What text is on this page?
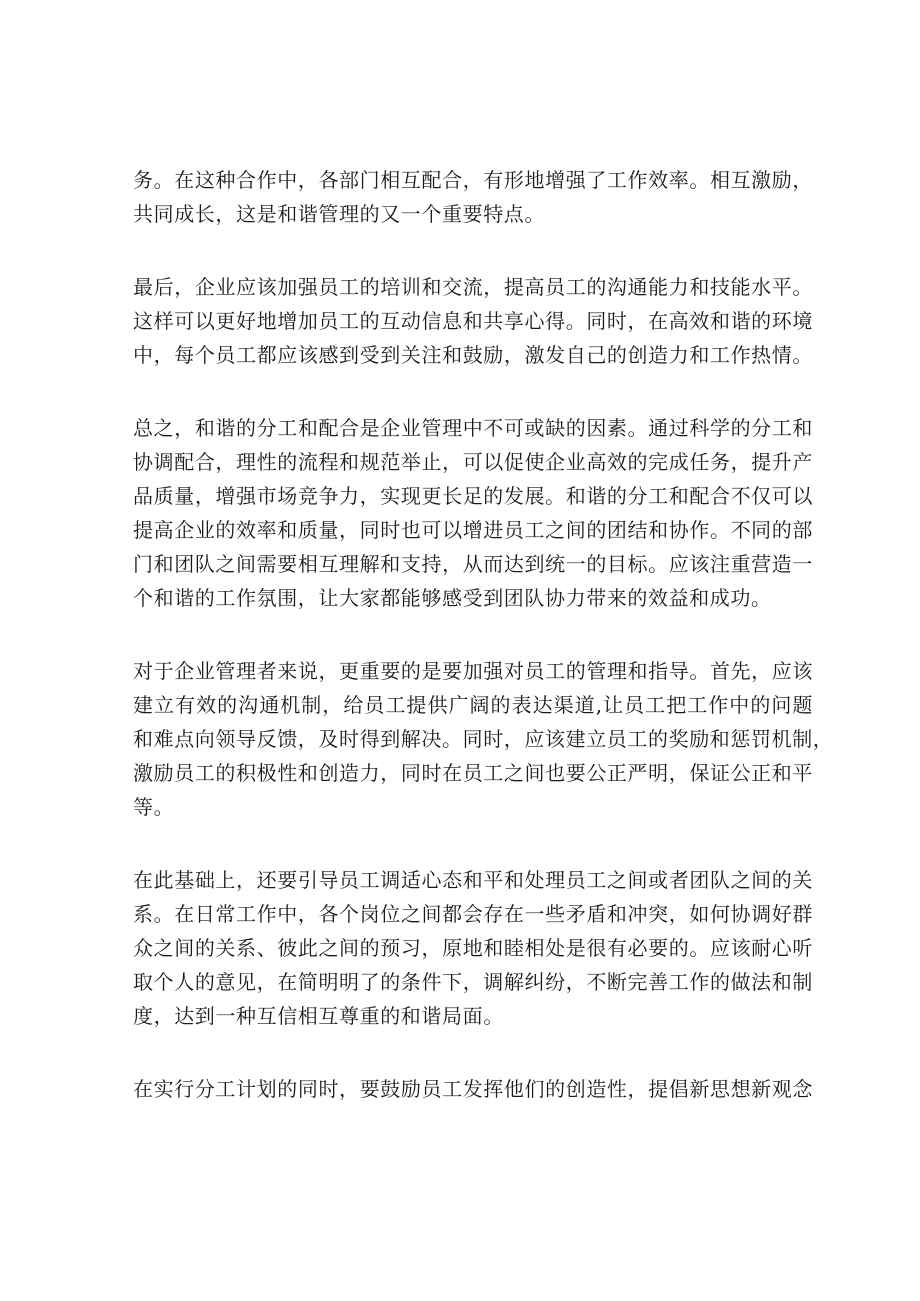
务。在这种合作中，各部门相互配合，有形地增强了工作效率。相互激励，
共同成长，这是和谐管理的又一个重要特点。
最后，企业应该加强员工的培训和交流，提高员工的沟通能力和技能水平。
这样可以更好地增加员工的互动信息和共享心得。同时，在高效和谐的环境
中，每个员工都应该感到受到关注和鼓励，激发自己的创造力和工作热情。
总之，和谐的分工和配合是企业管理中不可或缺的因素。通过科学的分工和
协调配合，理性的流程和规范举止，可以促使企业高效的完成任务，提升产
品质量，增强市场竞争力，实现更长足的发展。和谐的分工和配合不仅可以
提高企业的效率和质量，同时也可以增进员工之间的团结和协作。不同的部
门和团队之间需要相互理解和支持，从而达到统一的目标。应该注重营造一
个和谐的工作氛围，让大家都能够感受到团队协力带来的效益和成功。
对于企业管理者来说，更重要的是要加强对员工的管理和指导。首先，应该
建立有效的沟通机制，给员工提供广阔的表达渠道,让员工把工作中的问题
和难点向领导反馈，及时得到解决。同时，应该建立员工的奖励和惩罚机制，
激励员工的积极性和创造力，同时在员工之间也要公正严明，保证公正和平
等。
在此基础上，还要引导员工调适心态和平和处理员工之间或者团队之间的关
系。在日常工作中，各个岗位之间都会存在一些矛盾和冲突，如何协调好群
众之间的关系、彼此之间的预习，原地和睦相处是很有必要的。应该耐心听
取个人的意见，在简明明了的条件下，调解纠纷，不断完善工作的做法和制
度，达到一种互信相互尊重的和谐局面。
在实行分工计划的同时，要鼓励员工发挥他们的创造性，提倡新思想新观念
